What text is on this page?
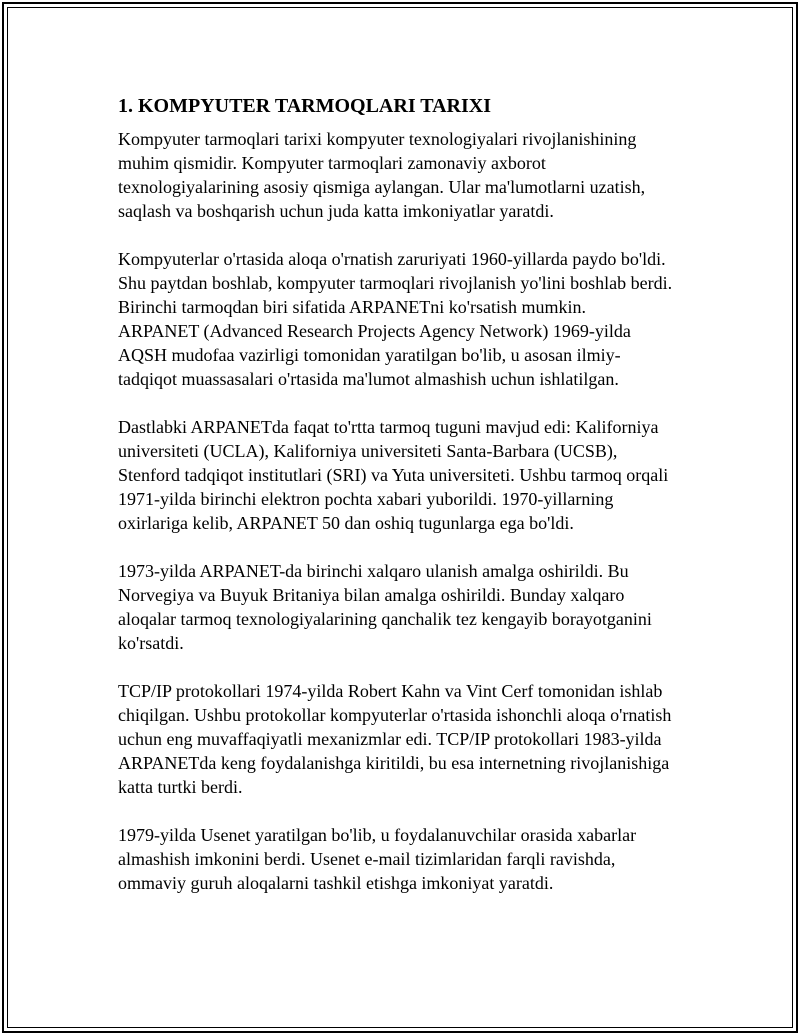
1. KOMPYUTER TARMOQLARI TARIXI

Kompyuter tarmoqlari tarixi kompyuter texnologiyalari rivojlanishining
muhim qismidir. Kompyuter tarmoqlari zamonaviy axborot
texnologiyalarining asosiy qismiga aylangan. Ular ma'lumotlarni uzatish,
saqlash va boshqarish uchun juda katta imkoniyatlar yaratdi.

Kompyuterlar o'rtasida aloqa o'rnatish zaruriyati 1960-yillarda paydo bo'ldi.
Shu paytdan boshlab, kompyuter tarmoqlari rivojlanish yo'lini boshlab berdi.
Birinchi tarmoqdan biri sifatida ARPANETni ko'rsatish mumkin.
ARPANET (Advanced Research Projects Agency Network) 1969-yilda
AQSH mudofaa vazirligi tomonidan yaratilgan bo'lib, u asosan ilmiy-
tadqiqot muassasalari o'rtasida ma'lumot almashish uchun ishlatilgan.

Dastlabki ARPANETda faqat to'rtta tarmoq tuguni mavjud edi: Kaliforniya
universiteti (UCLA), Kaliforniya universiteti Santa-Barbara (UCSB),
Stenford tadqiqot institutlari (SRI) va Yuta universiteti. Ushbu tarmoq orqali
1971-yilda birinchi elektron pochta xabari yuborildi. 1970-yillarning
oxirlariga kelib, ARPANET 50 dan oshiq tugunlarga ega bo'ldi.

1973-yilda ARPANET-da birinchi xalqaro ulanish amalga oshirildi. Bu
Norvegiya va Buyuk Britaniya bilan amalga oshirildi. Bunday xalqaro
aloqalar tarmoq texnologiyalarining qanchalik tez kengayib borayotganini
ko'rsatdi.

TCP/IP protokollari 1974-yilda Robert Kahn va Vint Cerf tomonidan ishlab
chiqilgan. Ushbu protokollar kompyuterlar o'rtasida ishonchli aloqa o'rnatish
uchun eng muvaffaqiyatli mexanizmlar edi. TCP/IP protokollari 1983-yilda
ARPANETda keng foydalanishga kiritildi, bu esa internetning rivojlanishiga
katta turtki berdi.

1979-yilda Usenet yaratilgan bo'lib, u foydalanuvchilar orasida xabarlar
almashish imkonini berdi. Usenet e-mail tizimlaridan farqli ravishda,
ommaviy guruh aloqalarni tashkil etishga imkoniyat yaratdi.
